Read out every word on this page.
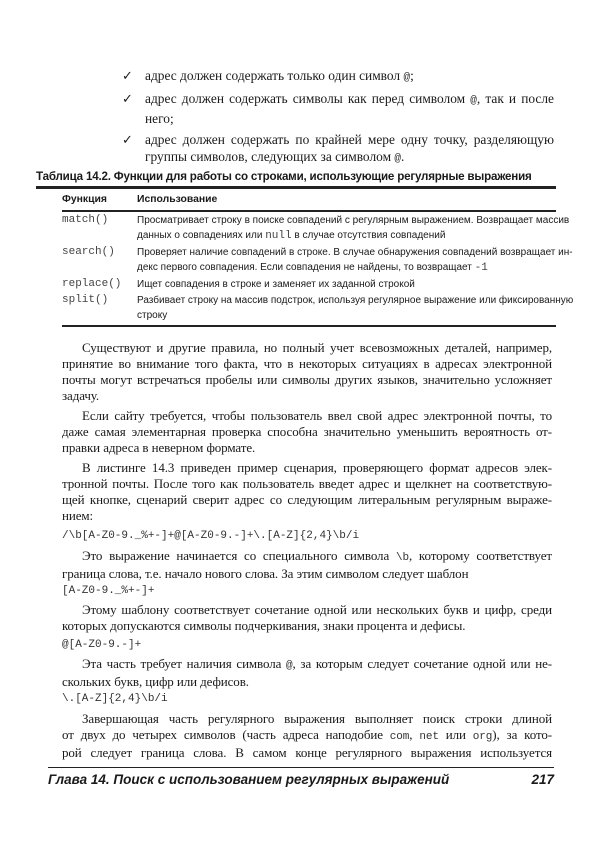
✓ адрес должен содержать только один символ @;
✓ адрес должен содержать символы как перед символом @, так и после
него;
✓ адрес должен содержать по крайней мере одну точку, разделяющую
группы символов, следующих за символом @.
Таблица 14.2. Функции для работы со строками, использующие регулярные выражения
Функция	Использование
match()	Просматривает строку в поиске совпадений с регулярным выражением. Возвращает массив
данных о совпадениях или null в случае отсутствия совпадений
search() Проверяет наличие совпадений в строке. В случае обнаружения совпадений возвращает ин-
декс первого совпадения. Если совпадения не найдены, то возвращает -1
replace() Ищет совпадения в строке и заменяет их заданной строкой
split()	Разбивает строку на массив подстрок, используя регулярное выражение или фиксированную
строку
Существуют и другие правила, но полный учет всевозможных деталей, например,
принятие во внимание того факта, что в некоторых ситуациях в адресах электронной
почты могут встречаться пробелы или символы других языков, значительно усложняет
задачу.
Если сайту требуется, чтобы пользователь ввел свой адрес электронной почты, то
даже самая элементарная проверка способна значительно уменьшить вероятность от-
правки адреса в неверном формате.
В листинге 14.3 приведен пример сценария, проверяющего формат адресов элек-
тронной почты. После того как пользователь введет адрес и щелкнет на соответствую-
щей кнопке, сценарий сверит адрес со следующим литеральным регулярным выраже-
нием:
/\b[A-Z0-9._%+-]+@[A-Z0-9.-]+\.[A-Z]{2,4}\b/i
Это выражение начинается со специального символа \b, которому соответствует
граница слова, т.е. начало нового слова. За этим символом следует шаблон
[A-Z0-9._%+-]+
Этому шаблону соответствует сочетание одной или нескольких букв и цифр, среди
которых допускаются символы подчеркивания, знаки процента и дефисы.
@[A-Z0-9.-]+
Эта часть требует наличия символа @, за которым следует сочетание одной или не-
скольких букв, цифр или дефисов.
\.[A-Z]{2,4}\b/i
Завершающая часть регулярного выражения выполняет поиск строки длиной
от двух до четырех символов (часть адреса наподобие com, net или org), за кото-
рой следует граница слова. В самом конце регулярного выражения используется
Глава 14. Поиск с использованием регулярных выражений	217
